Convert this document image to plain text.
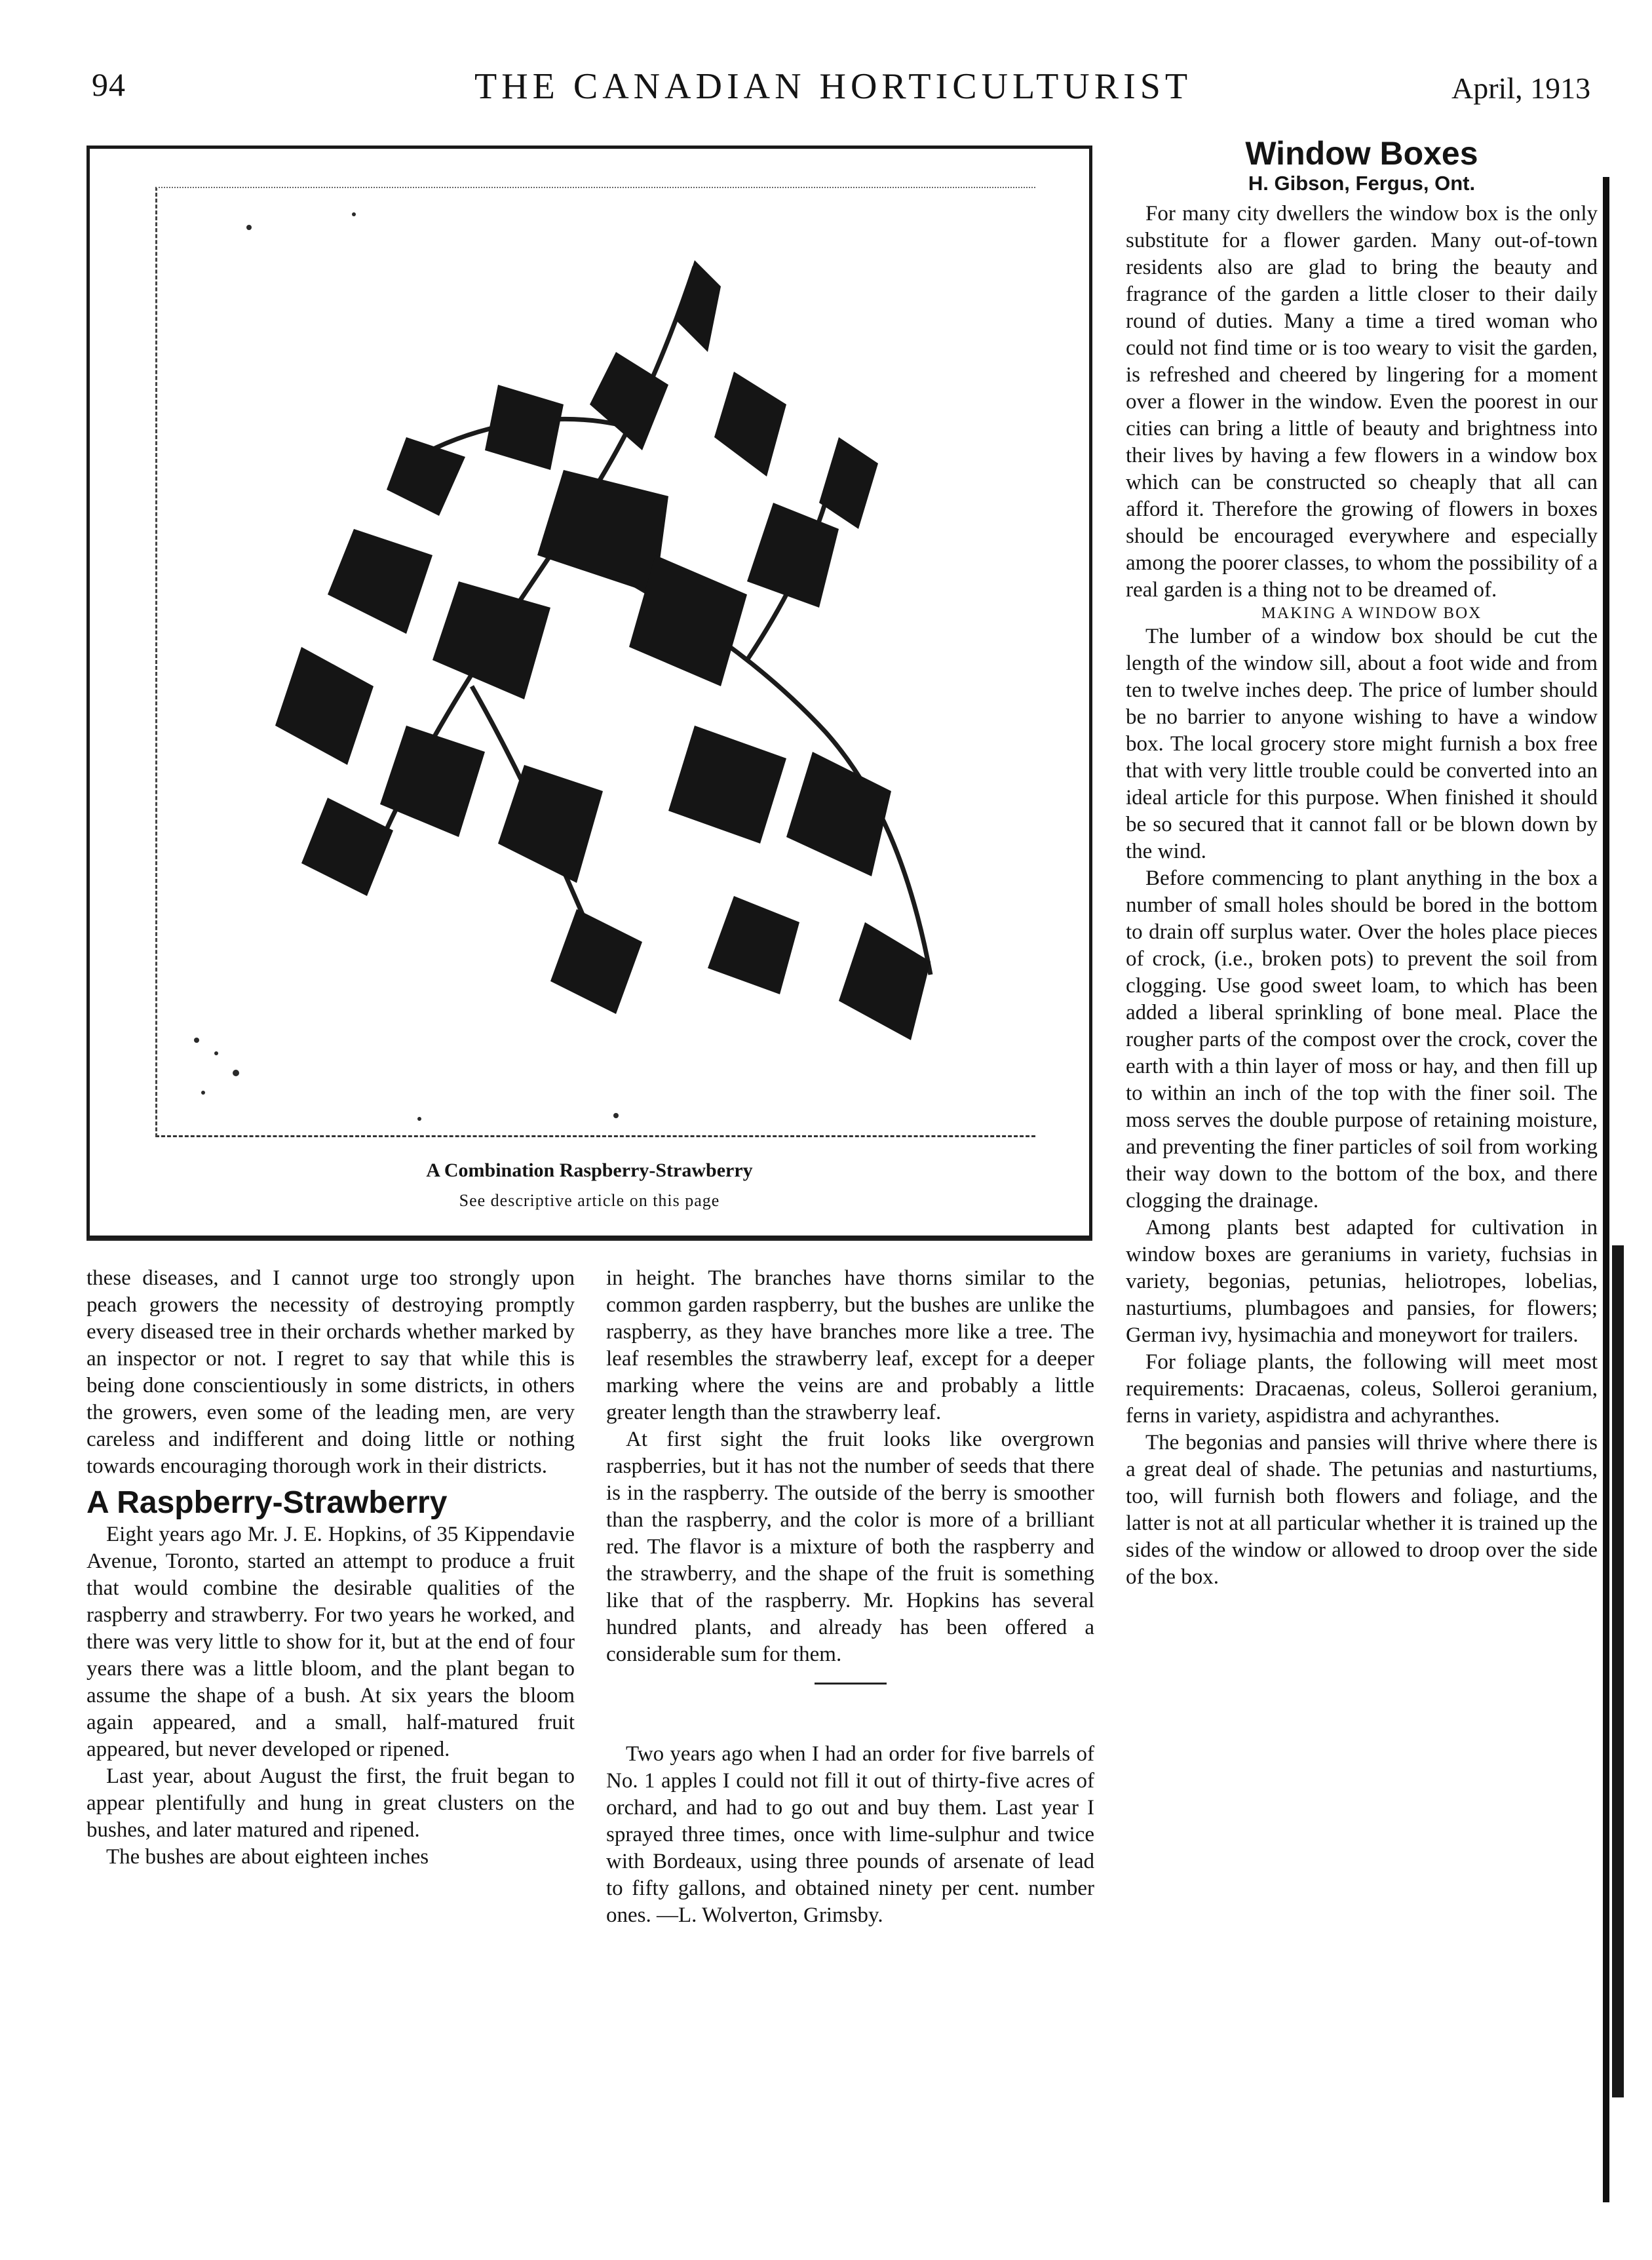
94	THE CANADIAN HORTICULTURIST	April, 1913
A Combination Raspberry-Strawberry
See descriptive article on this page

these diseases, and I cannot urge too strongly upon peach growers the necessity of destroying promptly every diseased tree in their orchards whether marked by an inspector or not. I regret to say that while this is being done conscientiously in some districts, in others the growers, even some of the leading men, are very careless and indifferent and doing little or nothing towards encouraging thorough work in their districts.

A Raspberry-Strawberry

Eight years ago Mr. J. E. Hopkins, of 35 Kippendavie Avenue, Toronto, started an attempt to produce a fruit that would combine the desirable qualities of the raspberry and strawberry. For two years he worked, and there was very little to show for it, but at the end of four years there was a little bloom, and the plant began to assume the shape of a bush. At six years the bloom again appeared, and a small, half-matured fruit appeared, but never developed or ripened.

Last year, about August the first, the fruit began to appear plentifully and hung in great clusters on the bushes, and later matured and ripened.

The bushes are about eighteen inches

in height. The branches have thorns similar to the common garden raspberry, but the bushes are unlike the raspberry, as they have branches more like a tree. The leaf resembles the strawberry leaf, except for a deeper marking where the veins are and probably a little greater length than the strawberry leaf.

At first sight the fruit looks like overgrown raspberries, but it has not the number of seeds that there is in the raspberry. The outside of the berry is smoother than the raspberry, and the color is more of a brilliant red. The flavor is a mixture of both the raspberry and the strawberry, and the shape of the fruit is something like that of the raspberry. Mr. Hopkins has several hundred plants, and already has been offered a considerable sum for them.

Two years ago when I had an order for five barrels of No. 1 apples I could not fill it out of thirty-five acres of orchard, and had to go out and buy them. Last year I sprayed three times, once with lime-sulphur and twice with Bordeaux, using three pounds of arsenate of lead to fifty gallons, and obtained ninety per cent. number ones. —L. Wolverton, Grimsby.

Window Boxes
H. Gibson, Fergus, Ont.

For many city dwellers the window box is the only substitute for a flower garden. Many out-of-town residents also are glad to bring the beauty and fragrance of the garden a little closer to their daily round of duties. Many a time a tired woman who could not find time or is too weary to visit the garden, is refreshed and cheered by lingering for a moment over a flower in the window. Even the poorest in our cities can bring a little of beauty and brightness into their lives by having a few flowers in a window box which can be constructed so cheaply that all can afford it. Therefore the growing of flowers in boxes should be encouraged everywhere and especially among the poorer classes, to whom the possibility of a real garden is a thing not to be dreamed of.

MAKING A WINDOW BOX

The lumber of a window box should be cut the length of the window sill, about a foot wide and from ten to twelve inches deep. The price of lumber should be no barrier to anyone wishing to have a window box. The local grocery store might furnish a box free that with very little trouble could be converted into an ideal article for this purpose. When finished it should be so secured that it cannot fall or be blown down by the wind.

Before commencing to plant anything in the box a number of small holes should be bored in the bottom to drain off surplus water. Over the holes place pieces of crock, (i.e., broken pots) to prevent the soil from clogging. Use good sweet loam, to which has been added a liberal sprinkling of bone meal. Place the rougher parts of the compost over the crock, cover the earth with a thin layer of moss or hay, and then fill up to within an inch of the top with the finer soil. The moss serves the double purpose of retaining moisture, and preventing the finer particles of soil from working their way down to the bottom of the box, and there clogging the drainage.

Among plants best adapted for cultivation in window boxes are geraniums in variety, fuchsias in variety, begonias, petunias, heliotropes, lobelias, nasturtiums, plumbagoes and pansies, for flowers; German ivy, hysimachia and moneywort for trailers.

For foliage plants, the following will meet most requirements: Dracaenas, coleus, Solleroi geranium, ferns in variety, aspidistra and achyranthes.

The begonias and pansies will thrive where there is a great deal of shade. The petunias and nasturtiums, too, will furnish both flowers and foliage, and the latter is not at all particular whether it is trained up the sides of the window or allowed to droop over the side of the box.
